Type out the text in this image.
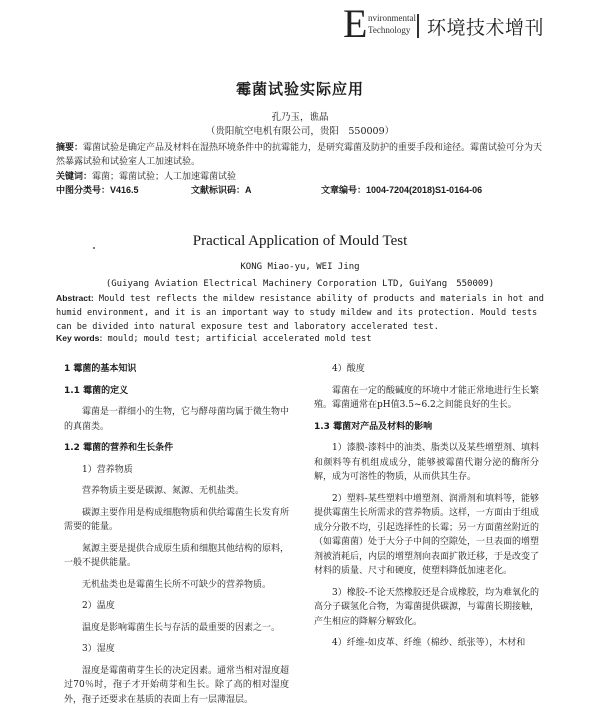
E nvironmental
Technology 环境技术增刊
霉菌试验实际应用
孔乃玉，谯晶
（贵阳航空电机有限公司，贵阳　550009）
摘要：霉菌试验是确定产品及材料在湿热环境条件中的抗霉能力，是研究霉菌及防护的重要手段和途径。霉菌试验可分为天然暴露试验和试验室人工加速试验。
关键词：霉菌；霉菌试验；人工加速霉菌试验
中图分类号：V416.5	文献标识码：A	文章编号：1004-7204(2018)S1-0164-06
Practical Application of Mould Test
KONG Miao-yu, WEI Jing
(Guiyang Aviation Electrical Machinery Corporation LTD, GuiYang　550009)
Abstract: Mould test reflects the mildew resistance ability of products and materials in hot and humid environment, and it is an important way to study mildew and its protection. Mould tests can be divided into natural exposure test and laboratory accelerated test.
Key words: mould; mould test; artificial accelerated mold test

1 霉菌的基本知识

1.1 霉菌的定义

霉菌是一群细小的生物，它与酵母菌均属于微生物中的真菌类。

1.2 霉菌的营养和生长条件

1）营养物质

营养物质主要是碳源、氮源、无机盐类。

碳源主要作用是构成细胞物质和供给霉菌生长发育所需要的能量。

氮源主要是提供合成原生质和细胞其他结构的原料，一般不提供能量。

无机盐类也是霉菌生长所不可缺少的营养物质。

2）温度

温度是影响霉菌生长与存活的最重要的因素之一。

3）湿度

湿度是霉菌萌芽生长的决定因素。通常当相对湿度超过70％时，孢子才开始萌芽和生长。除了高的相对湿度外，孢子还要求在基质的表面上有一层薄湿层。

4）酸度

霉菌在一定的酸碱度的环境中才能正常地进行生长繁殖。霉菌通常在pH值3.5~6.2之间能良好的生长。

1.3 霉菌对产品及材料的影响

1）漆膜-漆料中的油类、脂类以及某些增塑剂、填料和颜料等有机组成成分，能够被霉菌代谢分泌的酶所分解，成为可溶性的物质，从而供其生存。

2）塑料-某些塑料中增塑剂、润滑剂和填料等，能够提供霉菌生长所需求的营养物质。这样，一方面由于组成成分分散不均，引起选择性的长霉；另一方面菌丝附近的（如霉菌菌）处于大分子中间的空隙处，一旦表面的增塑剂被消耗后，内层的增塑剂向表面扩散迁移，于是改变了材料的质量、尺寸和硬度，使塑料降低加速老化。

3）橡胶-不论天然橡胶还是合成橡胶，均为难氧化的高分子碳氢化合物，为霉菌提供碳源，与霉菌长期接触，产生相应的降解分解致化。

4）纤维-如皮革、纤维（棉纱、纸张等），木材和
